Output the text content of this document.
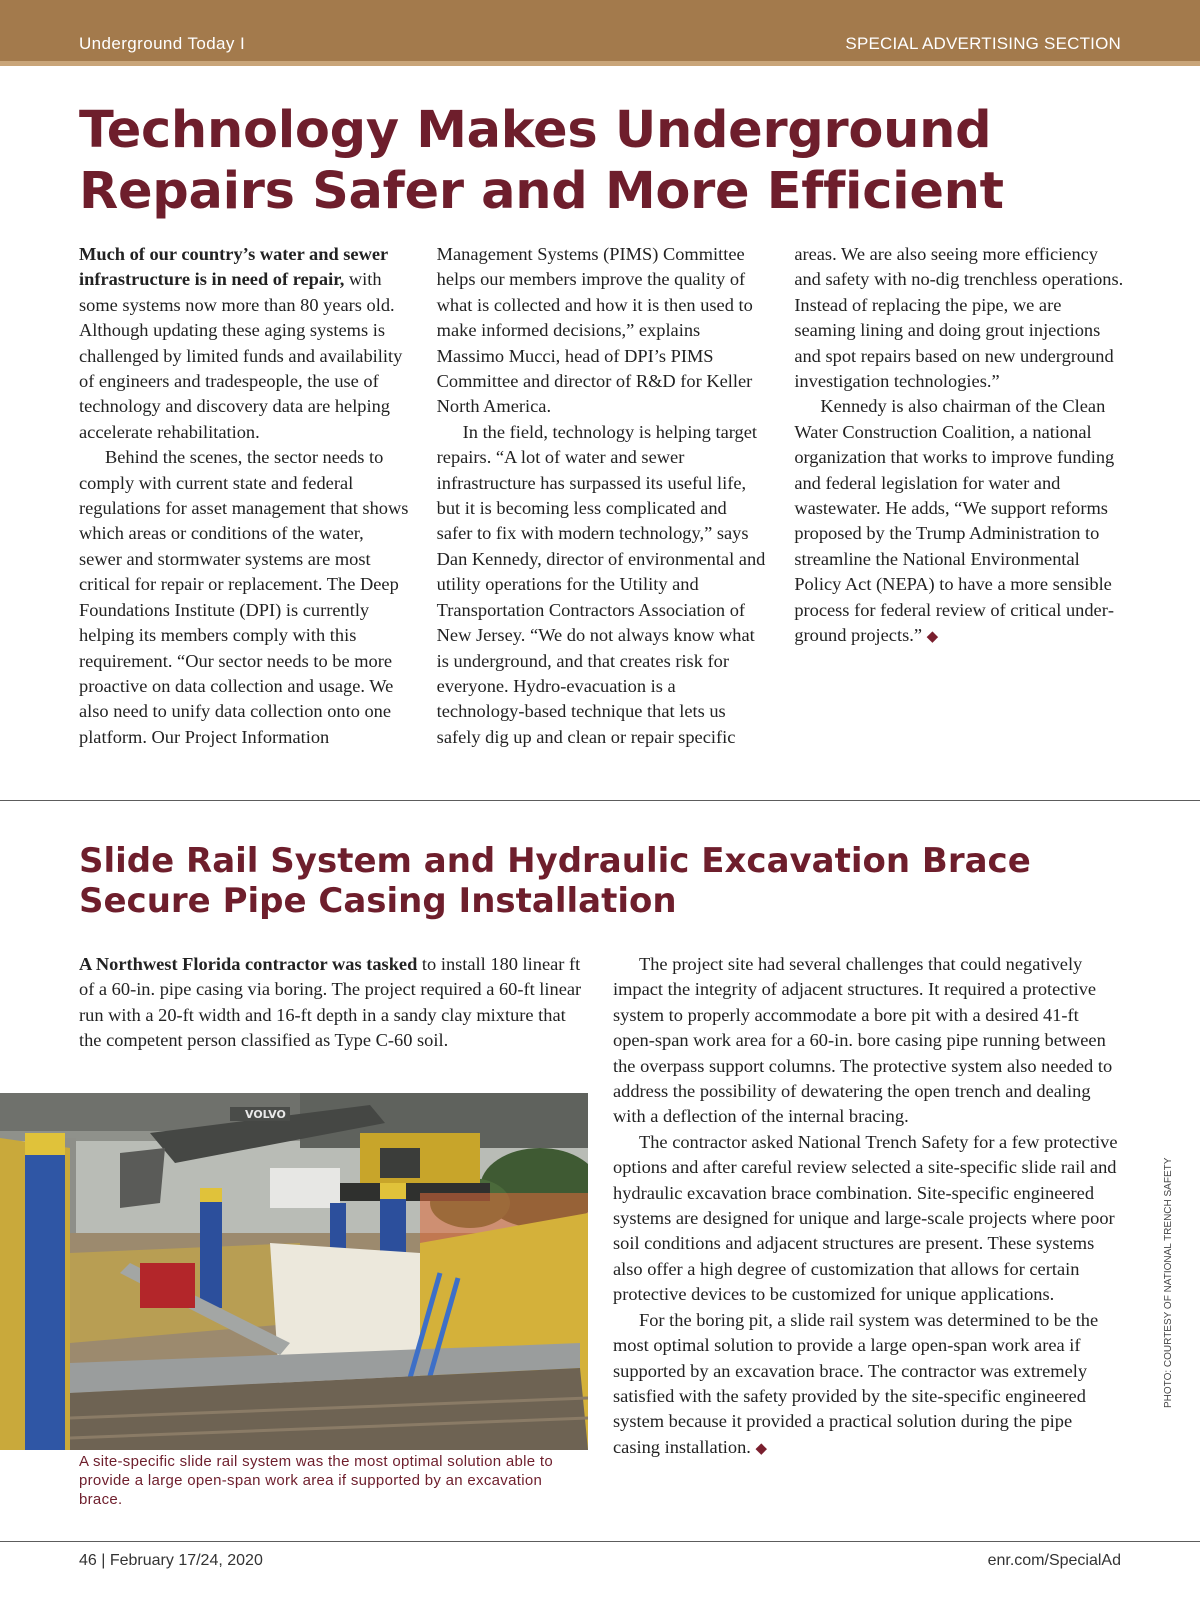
Underground Today I	SPECIAL ADVERTISING SECTION
Technology Makes Underground Repairs Safer and More Efficient

Much of our country’s water and sewer infrastructure is in need of repair, with some systems now more than 80 years old. Although updating these aging systems is challenged by limited funds and availability of engineers and tradespeople, the use of technology and discovery data are helping accelerate rehabilitation.

Behind the scenes, the sector needs to comply with current state and federal regulations for asset management that shows which areas or conditions of the water, sewer and stormwater systems are most critical for repair or replacement. The Deep Foundations Institute (DPI) is currently helping its members comply with this requirement. “Our sector needs to be more proactive on data collection and usage. We also need to unify data collection onto one platform. Our Project Information Management Systems (PIMS) Committee helps our members improve the quality of what is collected and how it is then used to make informed decisions,” explains Massimo Mucci, head of DPI’s PIMS Committee and director of R&D for Keller North America.

In the field, technology is helping target repairs. “A lot of water and sewer infrastructure has surpassed its useful life, but it is becoming less complicated and safer to fix with modern technology,” says Dan Kennedy, director of environmental and utility operations for the Utility and Transportation Contractors Association of New Jersey. “We do not always know what is underground, and that creates risk for everyone. Hydro-evacuation is a technology-based technique that lets us safely dig up and clean or repair specific areas. We are also seeing more efficiency and safety with no-dig trenchless operations. Instead of replacing the pipe, we are seaming lining and doing grout injections and spot repairs based on new underground investigation technologies.”

Kennedy is also chairman of the Clean Water Construction Coalition, a national organization that works to improve funding and federal legislation for water and wastewater. He adds, “We support reforms proposed by the Trump Administration to streamline the National Environmental Policy Act (NEPA) to have a more sensible process for federal review of critical underground projects.” ◆

Slide Rail System and Hydraulic Excavation Brace Secure Pipe Casing Installation

A Northwest Florida contractor was tasked to install 180 linear ft of a 60-in. pipe casing via boring. The project required a 60-ft linear run with a 20-ft width and 16-ft depth in a sandy clay mixture that the competent person classified as Type C-60 soil.

VOLVO
A site-specific slide rail system was the most optimal solution able to provide a large open-span work area if supported by an excavation brace.

The project site had several challenges that could negatively impact the integrity of adjacent structures. It required a protective system to properly accommodate a bore pit with a desired 41-ft open-span work area for a 60-in. bore casing pipe running between the overpass support columns. The protective system also needed to address the possibility of dewatering the open trench and dealing with a deflection of the internal bracing.

The contractor asked National Trench Safety for a few protective options and after careful review selected a site-specific slide rail and hydraulic excavation brace combination. Site-specific engineered systems are designed for unique and large-scale projects where poor soil conditions and adjacent structures are present. These systems also offer a high degree of customization that allows for certain protective devices to be customized for unique applications.

For the boring pit, a slide rail system was determined to be the most optimal solution to provide a large open-span work area if supported by an excavation brace. The contractor was extremely satisfied with the safety provided by the site-specific engineered system because it provided a practical solution during the pipe casing installation. ◆

PHOTO: COURTESY OF NATIONAL TRENCH SAFETY
46 | February 17/24, 2020	enr.com/SpecialAd
